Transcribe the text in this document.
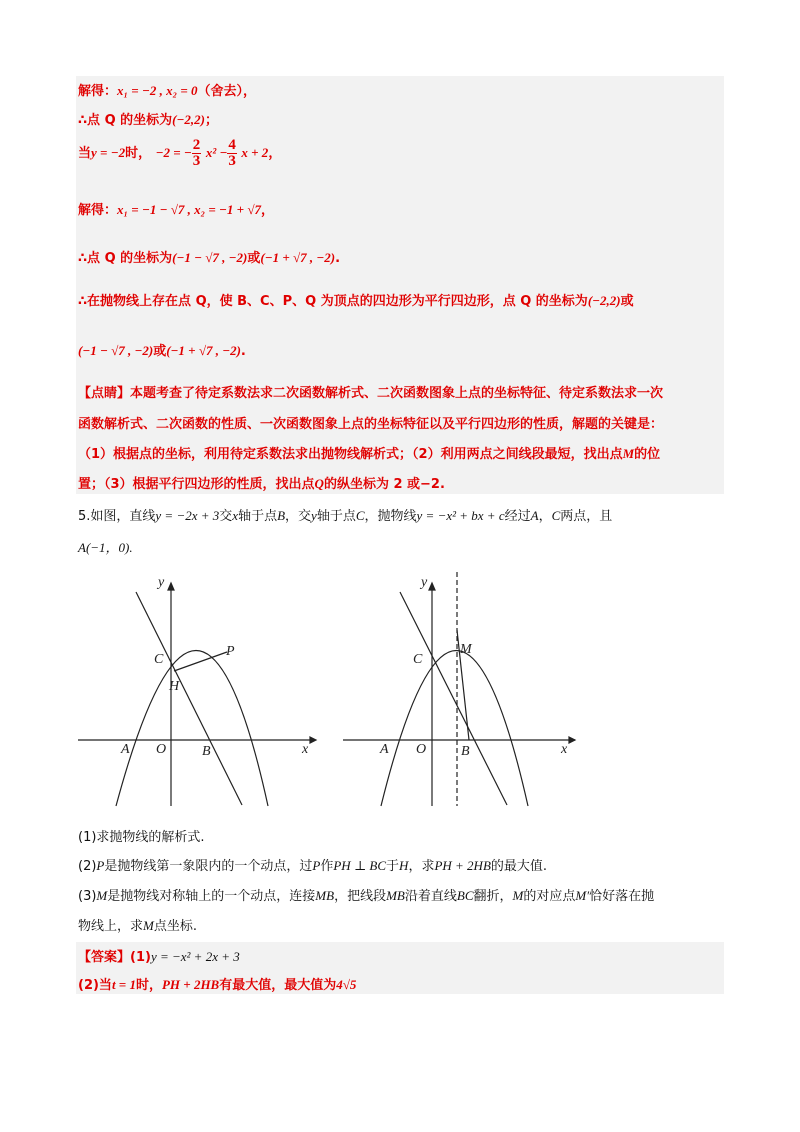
解得：x₁ = −2 , x₂ = 0（舍去），
∴点 Q 的坐标为(−2,2)；
当y = −2时， −2 = − $\frac{2}{3} x^2 - \frac{4}{3}$ x + 2，
解得：x₁ = −1 − √7 , x₂ = −1 + √7，
∴点 Q 的坐标为(−1 − √7 , −2)或(−1 + √7 , −2).
∴在抛物线上存在点 Q，使 B、C、P、Q 为顶点的四边形为平行四边形，点 Q 的坐标为(−2,2)或
(−1 − √7 , −2)或(−1 + √7 , −2).
【点睛】本题考查了待定系数法求二次函数解析式、二次函数图象上点的坐标特征、待定系数法求一次
函数解析式、二次函数的性质、一次函数图象上点的坐标特征以及平行四边形的性质，解题的关键是：
（1）根据点的坐标，利用待定系数法求出抛物线解析式；（2）利用两点之间线段最短，找出点M的位
置；（3）根据平行四边形的性质，找出点Q的纵坐标为 2 或−2.
5.如图，直线y = −2x + 3交x轴于点B，交y轴于点C，抛物线y = −x² + bx + c经过A，C两点，且
A(−1，0).
y
x
A O	B
C
H
P
y
x
A O B
C
M
(1)求抛物线的解析式.
(2)P是抛物线第一象限内的一个动点，过P作PH ⊥ BC于H，求PH + 2HB的最大值.
(3)M是抛物线对称轴上的一个动点，连接MB，把线段MB沿着直线BC翻折，M的对应点M′恰好落在抛
物线上，求M点坐标.
【答案】(1)y = −x² + 2x + 3
(2)当t = 1时，PH + 2HB有最大值，最大值为4√5
